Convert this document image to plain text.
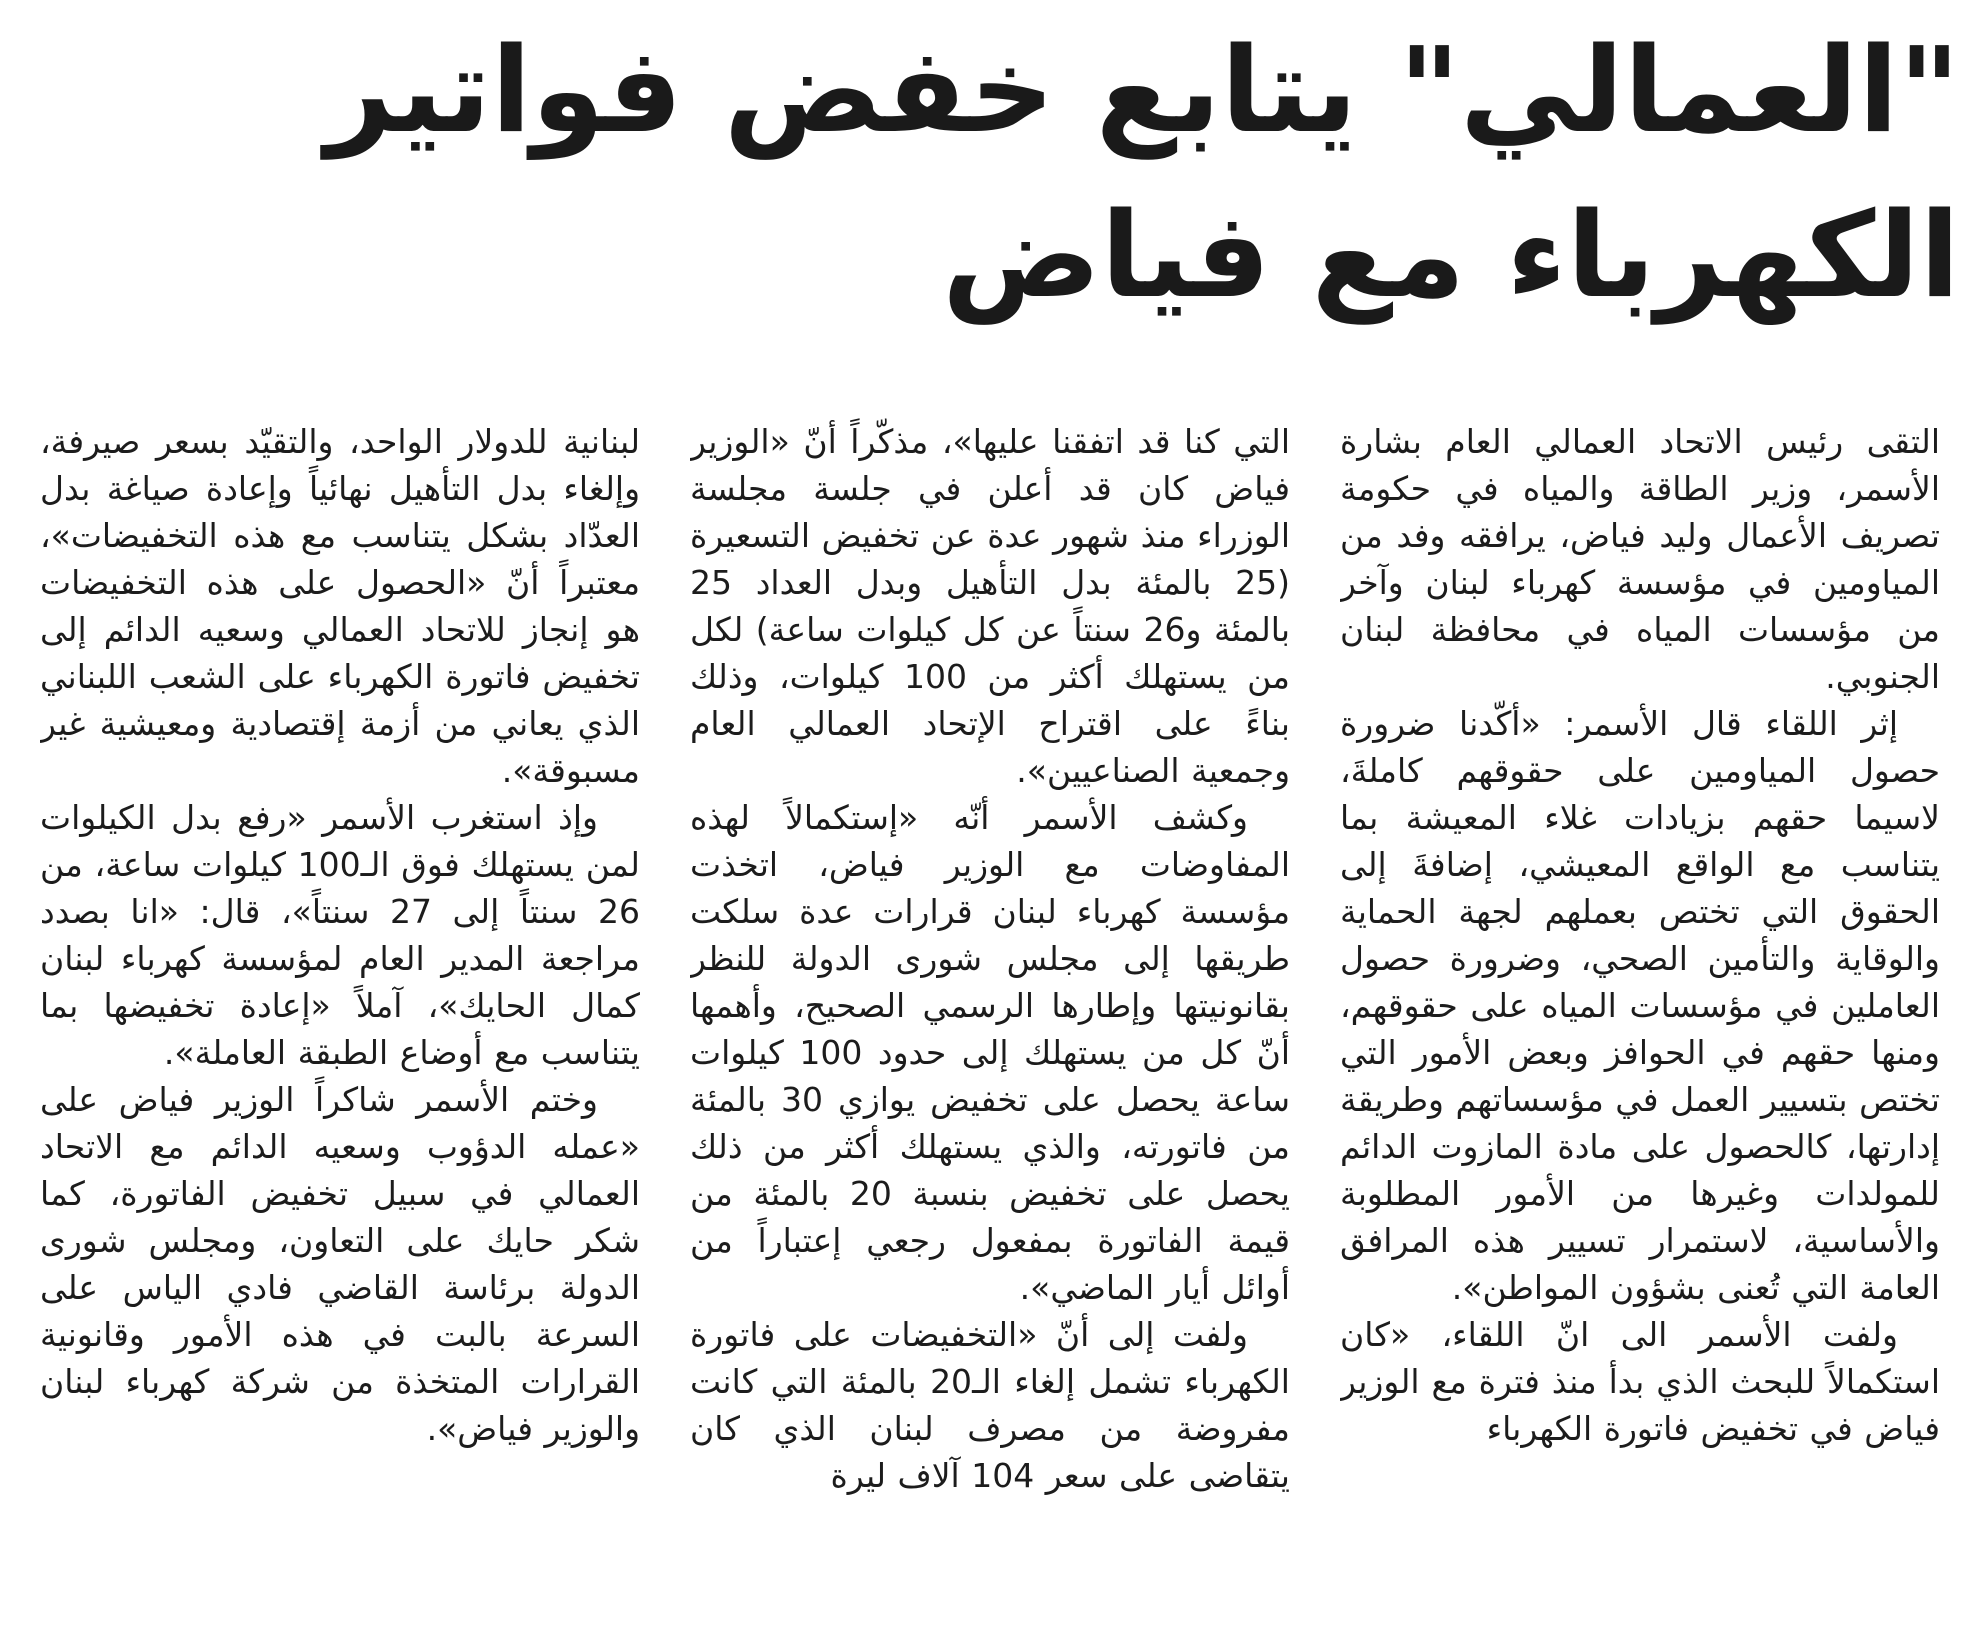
"العمالي" يتابع خفض فواتير الكهرباء مع فياض

التقى رئيس الاتحاد العمالي العام بشارة الأسمر، وزير الطاقة والمياه في حكومة تصريف الأعمال وليد فياض، يرافقه وفد من المياومين في مؤسسة كهرباء لبنان وآخر من مؤسسات المياه في محافظة لبنان الجنوبي.

إثر اللقاء قال الأسمر: «أكّدنا ضرورة حصول المياومين على حقوقهم كاملةَ، لاسيما حقهم بزيادات غلاء المعيشة بما يتناسب مع الواقع المعيشي، إضافةَ إلى الحقوق التي تختص بعملهم لجهة الحماية والوقاية والتأمين الصحي، وضرورة حصول العاملين في مؤسسات المياه على حقوقهم، ومنها حقهم في الحوافز وبعض الأمور التي تختص بتسيير العمل في مؤسساتهم وطريقة إدارتها، كالحصول على مادة المازوت الدائم للمولدات وغيرها من الأمور المطلوبة والأساسية، لاستمرار تسيير هذه المرافق العامة التي تُعنى بشؤون المواطن».

ولفت الأسمر الى انّ اللقاء، «كان استكمالاً للبحث الذي بدأ منذ فترة مع الوزير فياض في تخفيض فاتورة الكهرباء

التي كنا قد اتفقنا عليها»، مذكّراً أنّ «الوزير فياض كان قد أعلن في جلسة مجلسة الوزراء منذ شهور عدة عن تخفيض التسعيرة (25 بالمئة بدل التأهيل وبدل العداد 25 بالمئة و26 سنتاً عن كل كيلوات ساعة) لكل من يستهلك أكثر من 100 كيلوات، وذلك بناءً على اقتراح الإتحاد العمالي العام وجمعية الصناعيين».

وكشف الأسمر أنّه «إستكمالاً لهذه المفاوضات مع الوزير فياض، اتخذت مؤسسة كهرباء لبنان قرارات عدة سلكت طريقها إلى مجلس شورى الدولة للنظر بقانونيتها وإطارها الرسمي الصحيح، وأهمها أنّ كل من يستهلك إلى حدود 100 كيلوات ساعة يحصل على تخفيض يوازي 30 بالمئة من فاتورته، والذي يستهلك أكثر من ذلك يحصل على تخفيض بنسبة 20 بالمئة من قيمة الفاتورة بمفعول رجعي إعتباراً من أوائل أيار الماضي».

ولفت إلى أنّ «التخفيضات على فاتورة الكهرباء تشمل إلغاء الـ20 بالمئة التي كانت مفروضة من مصرف لبنان الذي كان يتقاضى على سعر 104 آلاف ليرة

لبنانية للدولار الواحد، والتقيّد بسعر صيرفة، وإلغاء بدل التأهيل نهائياً وإعادة صياغة بدل العدّاد بشكل يتناسب مع هذه التخفيضات»، معتبراً أنّ «الحصول على هذه التخفيضات هو إنجاز للاتحاد العمالي وسعيه الدائم إلى تخفيض فاتورة الكهرباء على الشعب اللبناني الذي يعاني من أزمة إقتصادية ومعيشية غير مسبوقة».

وإذ استغرب الأسمر «رفع بدل الكيلوات لمن يستهلك فوق الـ100 كيلوات ساعة، من 26 سنتاً إلى 27 سنتاً»، قال: «انا بصدد مراجعة المدير العام لمؤسسة كهرباء لبنان كمال الحايك»، آملاً «إعادة تخفيضها بما يتناسب مع أوضاع الطبقة العاملة».

وختم الأسمر شاكراً الوزير فياض على «عمله الدؤوب وسعيه الدائم مع الاتحاد العمالي في سبيل تخفيض الفاتورة، كما شكر حايك على التعاون، ومجلس شورى الدولة برئاسة القاضي فادي الياس على السرعة بالبت في هذه الأمور وقانونية القرارات المتخذة من شركة كهرباء لبنان والوزير فياض».
